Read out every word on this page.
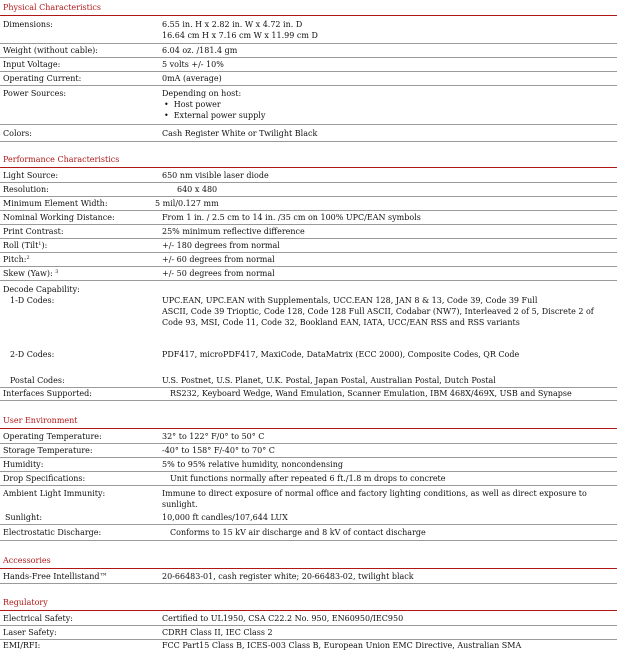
Physical Characteristics
Dimensions:	6.55 in. H x 2.82 in. W x 4.72 in. D
16.64 cm H x 7.16 cm W x 11.99 cm D
Weight (without cable):	6.04 oz. /181.4 gm
Input Voltage:	5 volts +/- 10%
Operating Current:	0mA (average)
Power Sources:	Depending on host:
• Host power
• External power supply
Colors:	Cash Register White or Twilight Black
Performance Characteristics
Light Source:	650 nm visible laser diode
Resolution:	640 x 480
Minimum Element Width:	5 mil/0.127 mm
Nominal Working Distance:	From 1 in. / 2.5 cm to 14 in. /35 cm on 100% UPC/EAN symbols
Print Contrast:	25% minimum reflective difference
Roll (Tilt$^1$):	+/- 180 degrees from normal
Pitch:$^2$	+/- 60 degrees from normal
Skew (Yaw): $^3$	+/- 50 degrees from normal
Decode Capability:
1-D Codes:	UPC.EAN, UPC.EAN with Supplementals, UCC.EAN 128, JAN 8 & 13, Code 39, Code 39 Full
ASCII, Code 39 Trioptic, Code 128, Code 128 Full ASCII, Codabar (NW7), Interleaved 2 of 5, Discrete 2 of
Code 93, MSI, Code 11, Code 32, Bookland EAN, IATA, UCC/EAN RSS and RSS variants
2-D Codes:	PDF417, microPDF417, MaxiCode, DataMatrix (ECC 2000), Composite Codes, QR Code
Postal Codes:	U.S. Postnet, U.S. Planet, U.K. Postal, Japan Postal, Australian Postal, Dutch Postal
Interfaces Supported:	RS232, Keyboard Wedge, Wand Emulation, Scanner Emulation, IBM 468X/469X, USB and Synapse
User Environment
Operating Temperature:	32° to 122° F/0° to 50° C
Storage Temperature:	-40° to 158° F/-40° to 70° C
Humidity:	5% to 95% relative humidity, noncondensing
Drop Specifications:	Unit functions normally after repeated 6 ft./1.8 m drops to concrete
Ambient Light Immunity:	Immune to direct exposure of normal office and factory lighting conditions, as well as direct exposure to
sunlight.
Sunlight:	10,000 ft candles/107,644 LUX
Electrostatic Discharge:	Conforms to 15 kV air discharge and 8 kV of contact discharge
Accessories
Hands-Free Intellistand™	20-66483-01, cash register white; 20-66483-02, twilight black
Regulatory
Electrical Safety:	Certified to UL1950, CSA C22.2 No. 950, EN60950/IEC950
Laser Safety:	CDRH Class II, IEC Class 2
EMI/RFI:	FCC Part15 Class B, ICES-003 Class B, European Union EMC Directive, Australian SMA
